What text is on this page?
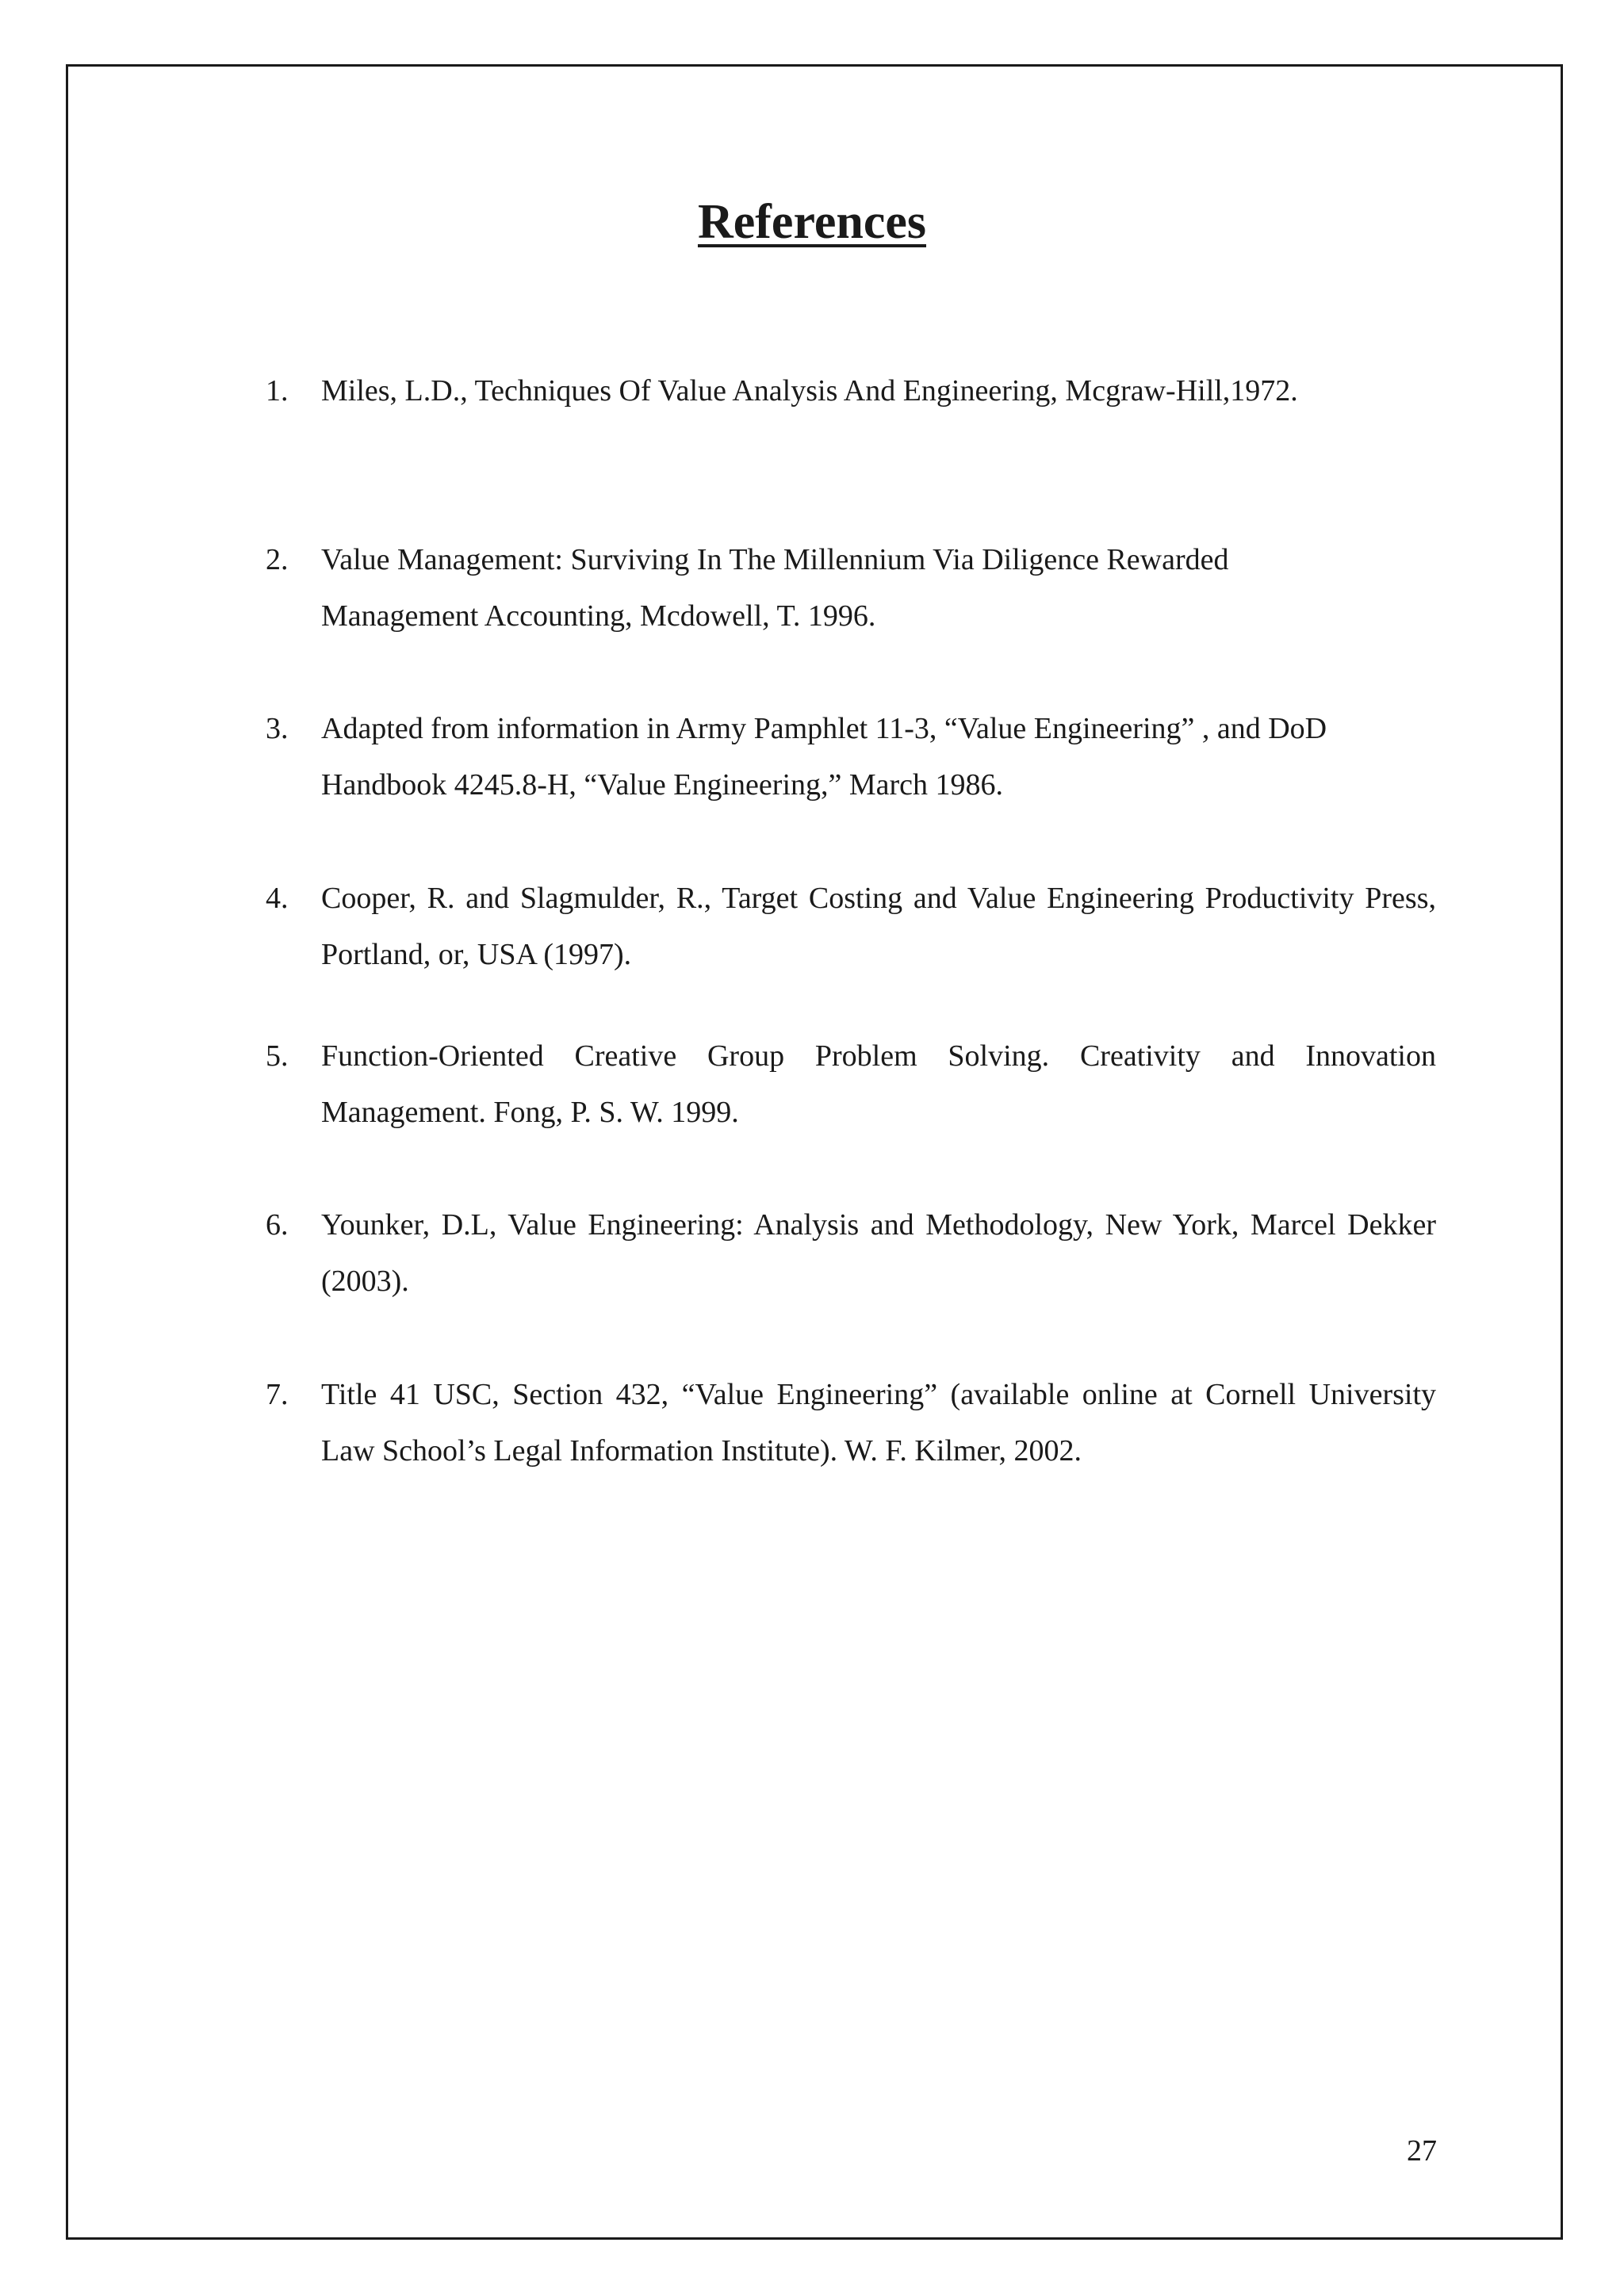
References
1. Miles, L.D., Techniques Of Value Analysis And Engineering, Mcgraw-Hill,1972.
2. Value Management: Surviving In The Millennium Via Diligence Rewarded Management Accounting, Mcdowell, T. 1996.
3. Adapted from information in Army Pamphlet 11-3, “Value Engineering” , and DoD Handbook 4245.8-H, “Value Engineering,” March 1986.
4. Cooper, R. and Slagmulder, R., Target Costing and Value Engineering Productivity Press, Portland, or, USA (1997).
5. Function-Oriented Creative Group Problem Solving. Creativity and Innovation Management. Fong, P. S. W. 1999.
6. Younker, D.L, Value Engineering: Analysis and Methodology, New York, Marcel Dekker (2003).
7. Title 41 USC, Section 432, “Value Engineering” (available online at Cornell University Law School’s Legal Information Institute). W. F. Kilmer, 2002.
27
